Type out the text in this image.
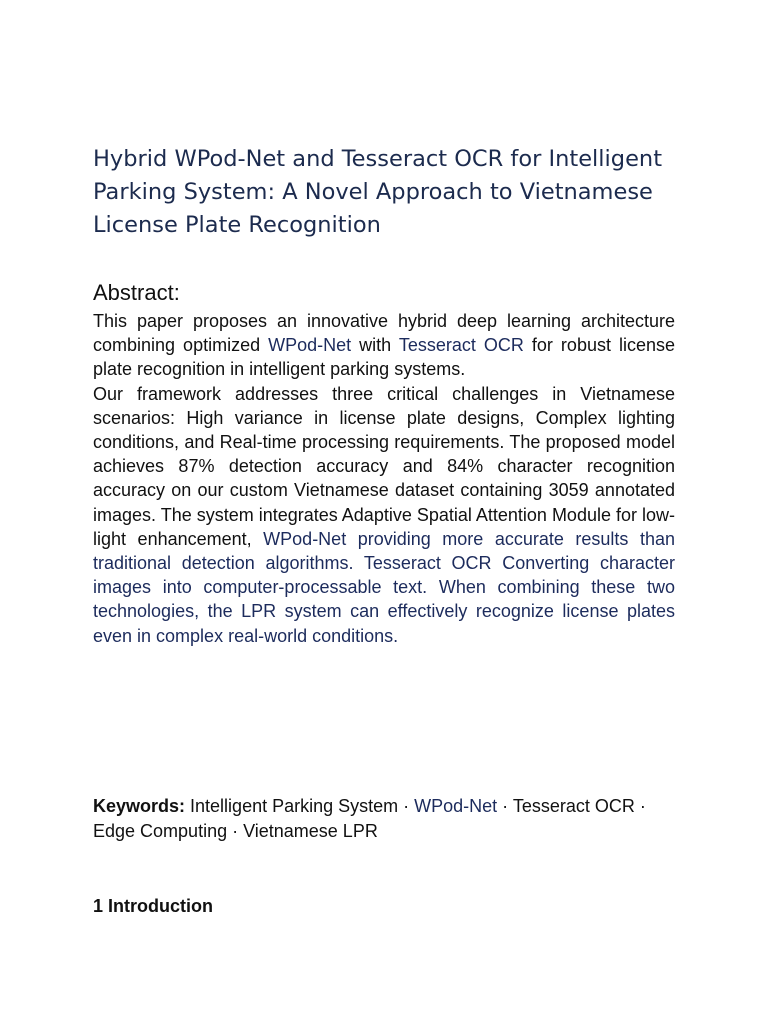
Hybrid WPod-Net and Tesseract OCR for Intelligent Parking System: A Novel Approach to Vietnamese License Plate Recognition
Abstract:

This paper proposes an innovative hybrid deep learning architecture combining optimized WPod-Net with Tesseract OCR for robust license plate recognition in intelligent parking systems.

Our framework addresses three critical challenges in Vietnamese scenarios: High variance in license plate designs, Complex lighting conditions, and Real-time processing requirements. The proposed model achieves 87% detection accuracy and 84% character recognition accuracy on our custom Vietnamese dataset containing 3059 annotated images. The system integrates Adaptive Spatial Attention Module for low-light enhancement, WPod-Net providing more accurate results than traditional detection algorithms. Tesseract OCR Converting character images into computer-processable text. When combining these two technologies, the LPR system can effectively recognize license plates even in complex real-world conditions.

Keywords: Intelligent Parking System · WPod-Net · Tesseract OCR · Edge Computing · Vietnamese LPR

1 Introduction
